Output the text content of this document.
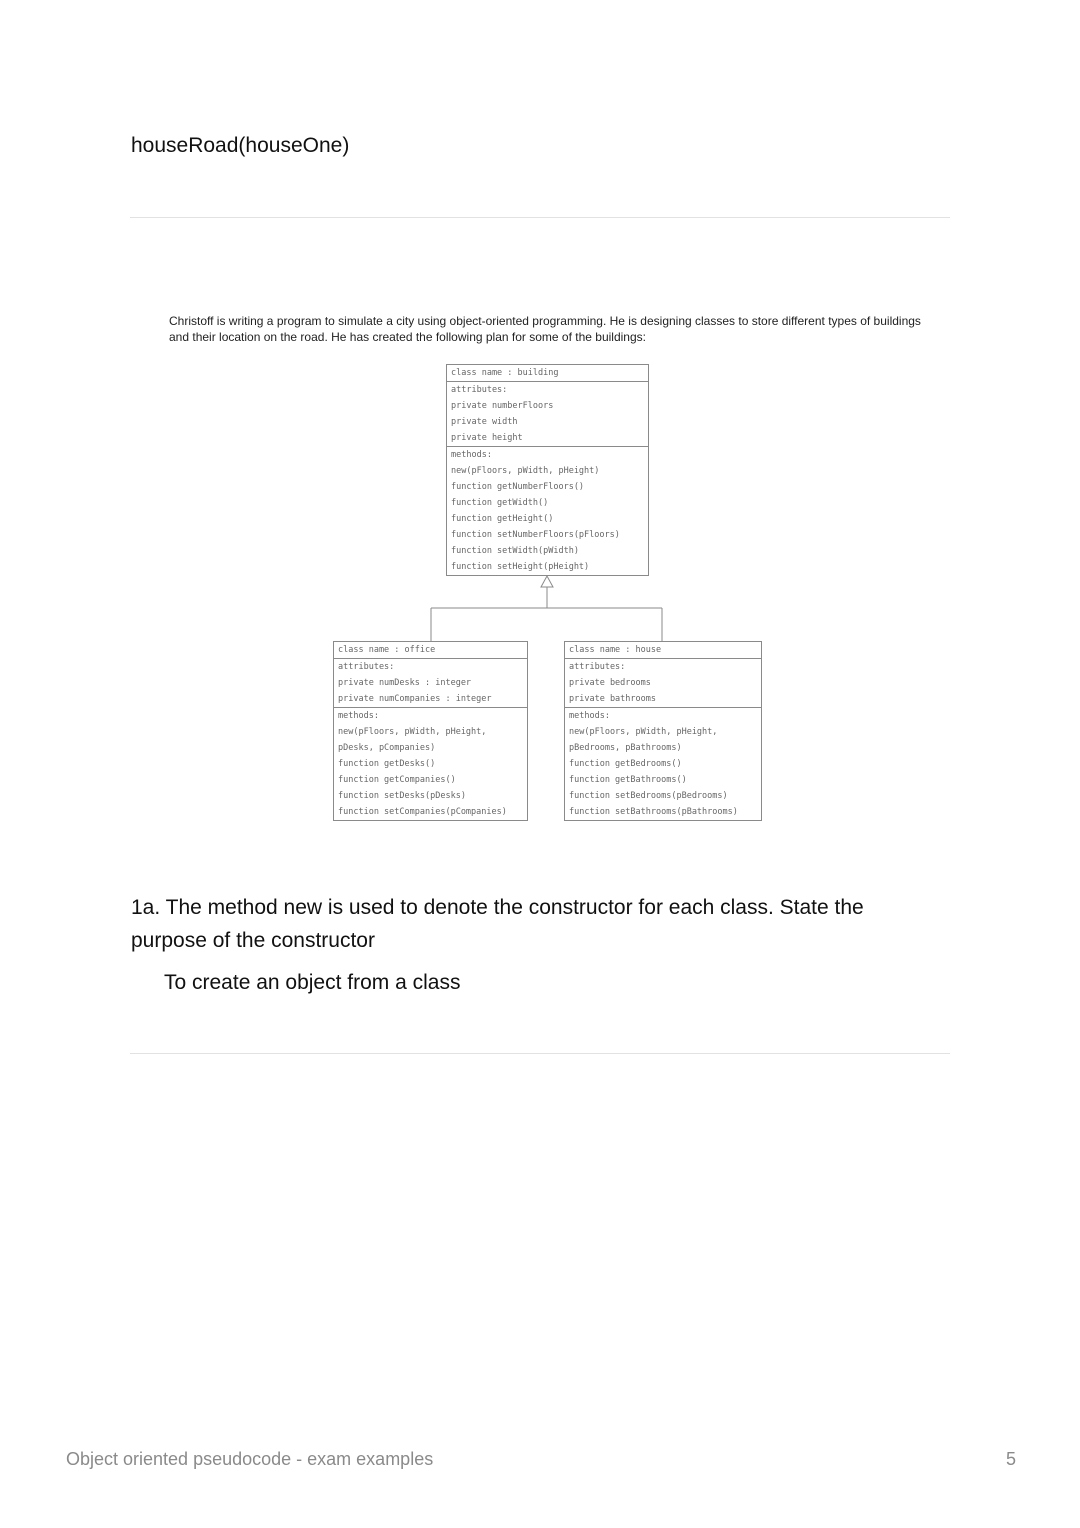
houseRoad(houseOne)
Christoff is writing a program to simulate a city using object-oriented programming. He is designing classes to store different types of buildings and their location on the road. He has created the following plan for some of the buildings:
class name : building
attributes:
private numberFloors
private width
private height
methods:
new(pFloors, pWidth, pHeight)
function getNumberFloors()
function getWidth()
function getHeight()
function setNumberFloors(pFloors)
function setWidth(pWidth)
function setHeight(pHeight)
class name : office
attributes:
private numDesks : integer
private numCompanies : integer
methods:
new(pFloors, pWidth, pHeight,
pDesks, pCompanies)
function getDesks()
function getCompanies()
function setDesks(pDesks)
function setCompanies(pCompanies)
class name : house
attributes:
private bedrooms
private bathrooms
methods:
new(pFloors, pWidth, pHeight,
pBedrooms, pBathrooms)
function getBedrooms()
function getBathrooms()
function setBedrooms(pBedrooms)
function setBathrooms(pBathrooms)
1a. The method new is used to denote the constructor for each class. State the purpose of the constructor
To create an object from a class
Object oriented pseudocode - exam examples	5
